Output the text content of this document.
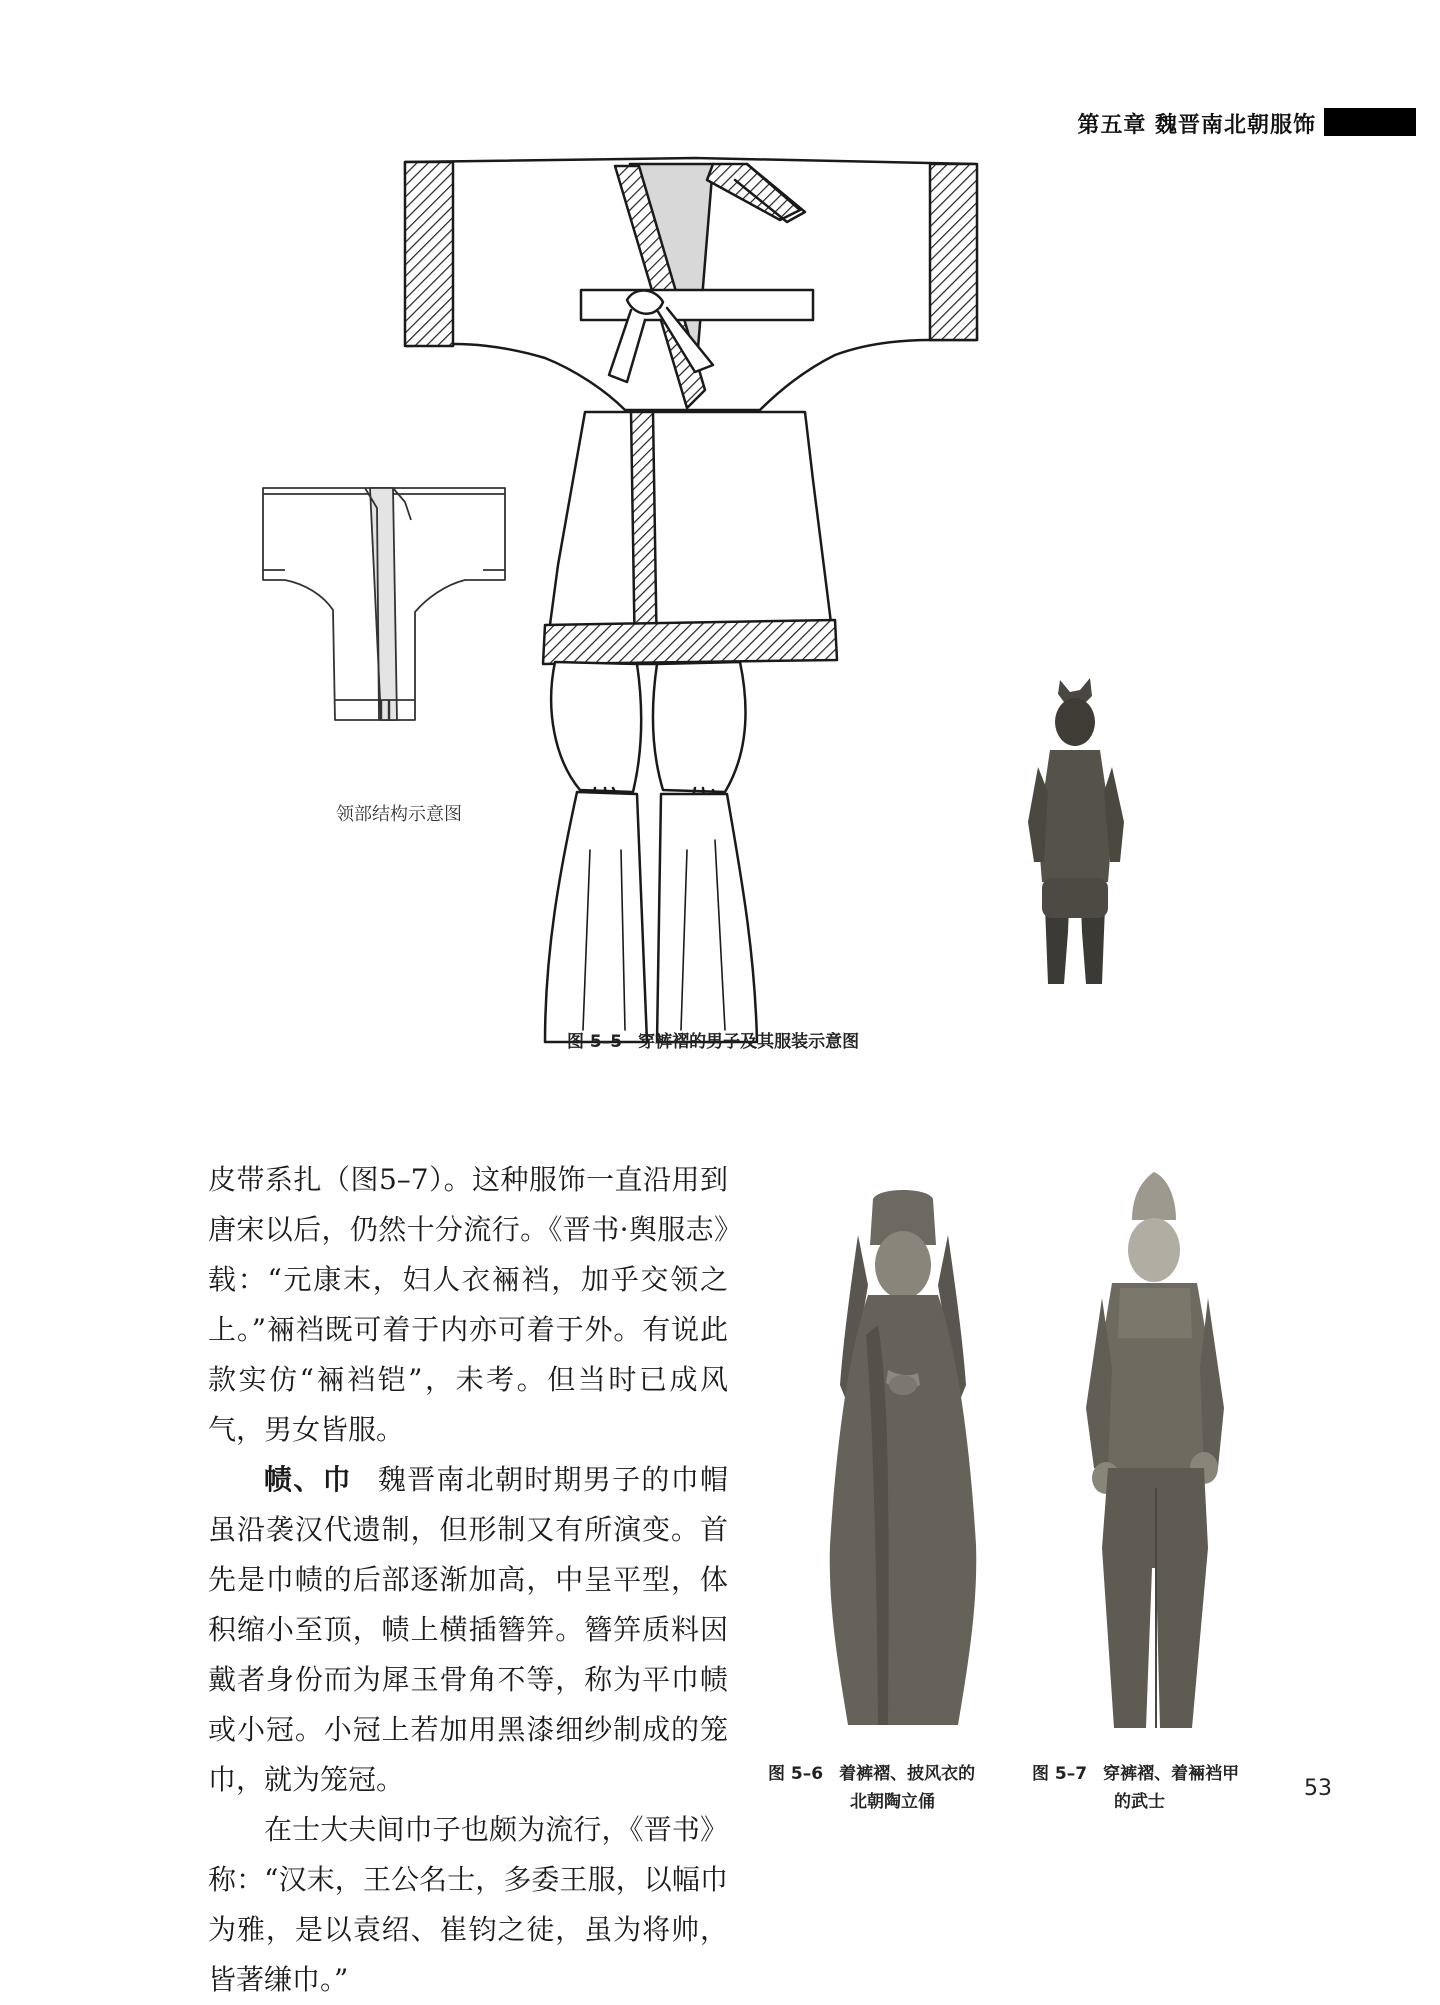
第五章 魏晋南北朝服饰
领部结构示意图
图 5–5 穿裤褶的男子及其服装示意图

皮带系扎（图5–7）。这种服饰一直沿用到唐宋以后，仍然十分流行。《晋书·舆服志》载：“元康末，妇人衣裲裆，加乎交领之上。”裲裆既可着于内亦可着于外。有说此款实仿“裲裆铠”，未考。但当时已成风气，男女皆服。

帻、巾 魏晋南北朝时期男子的巾帽虽沿袭汉代遗制，但形制又有所演变。首先是巾帻的后部逐渐加高，中呈平型，体积缩小至顶，帻上横插簪笄。簪笄质料因戴者身份而为犀玉骨角不等，称为平巾帻或小冠。小冠上若加用黑漆细纱制成的笼巾，就为笼冠。

在士大夫间巾子也颇为流行，《晋书》称：“汉末，王公名士，多委王服，以幅巾为雅，是以袁绍、崔钧之徒，虽为将帅，皆著缣巾。”

图 5–6 着裤褶、披风衣的
北朝陶立俑
图 5–7 穿裤褶、着裲裆甲
的武士
53
